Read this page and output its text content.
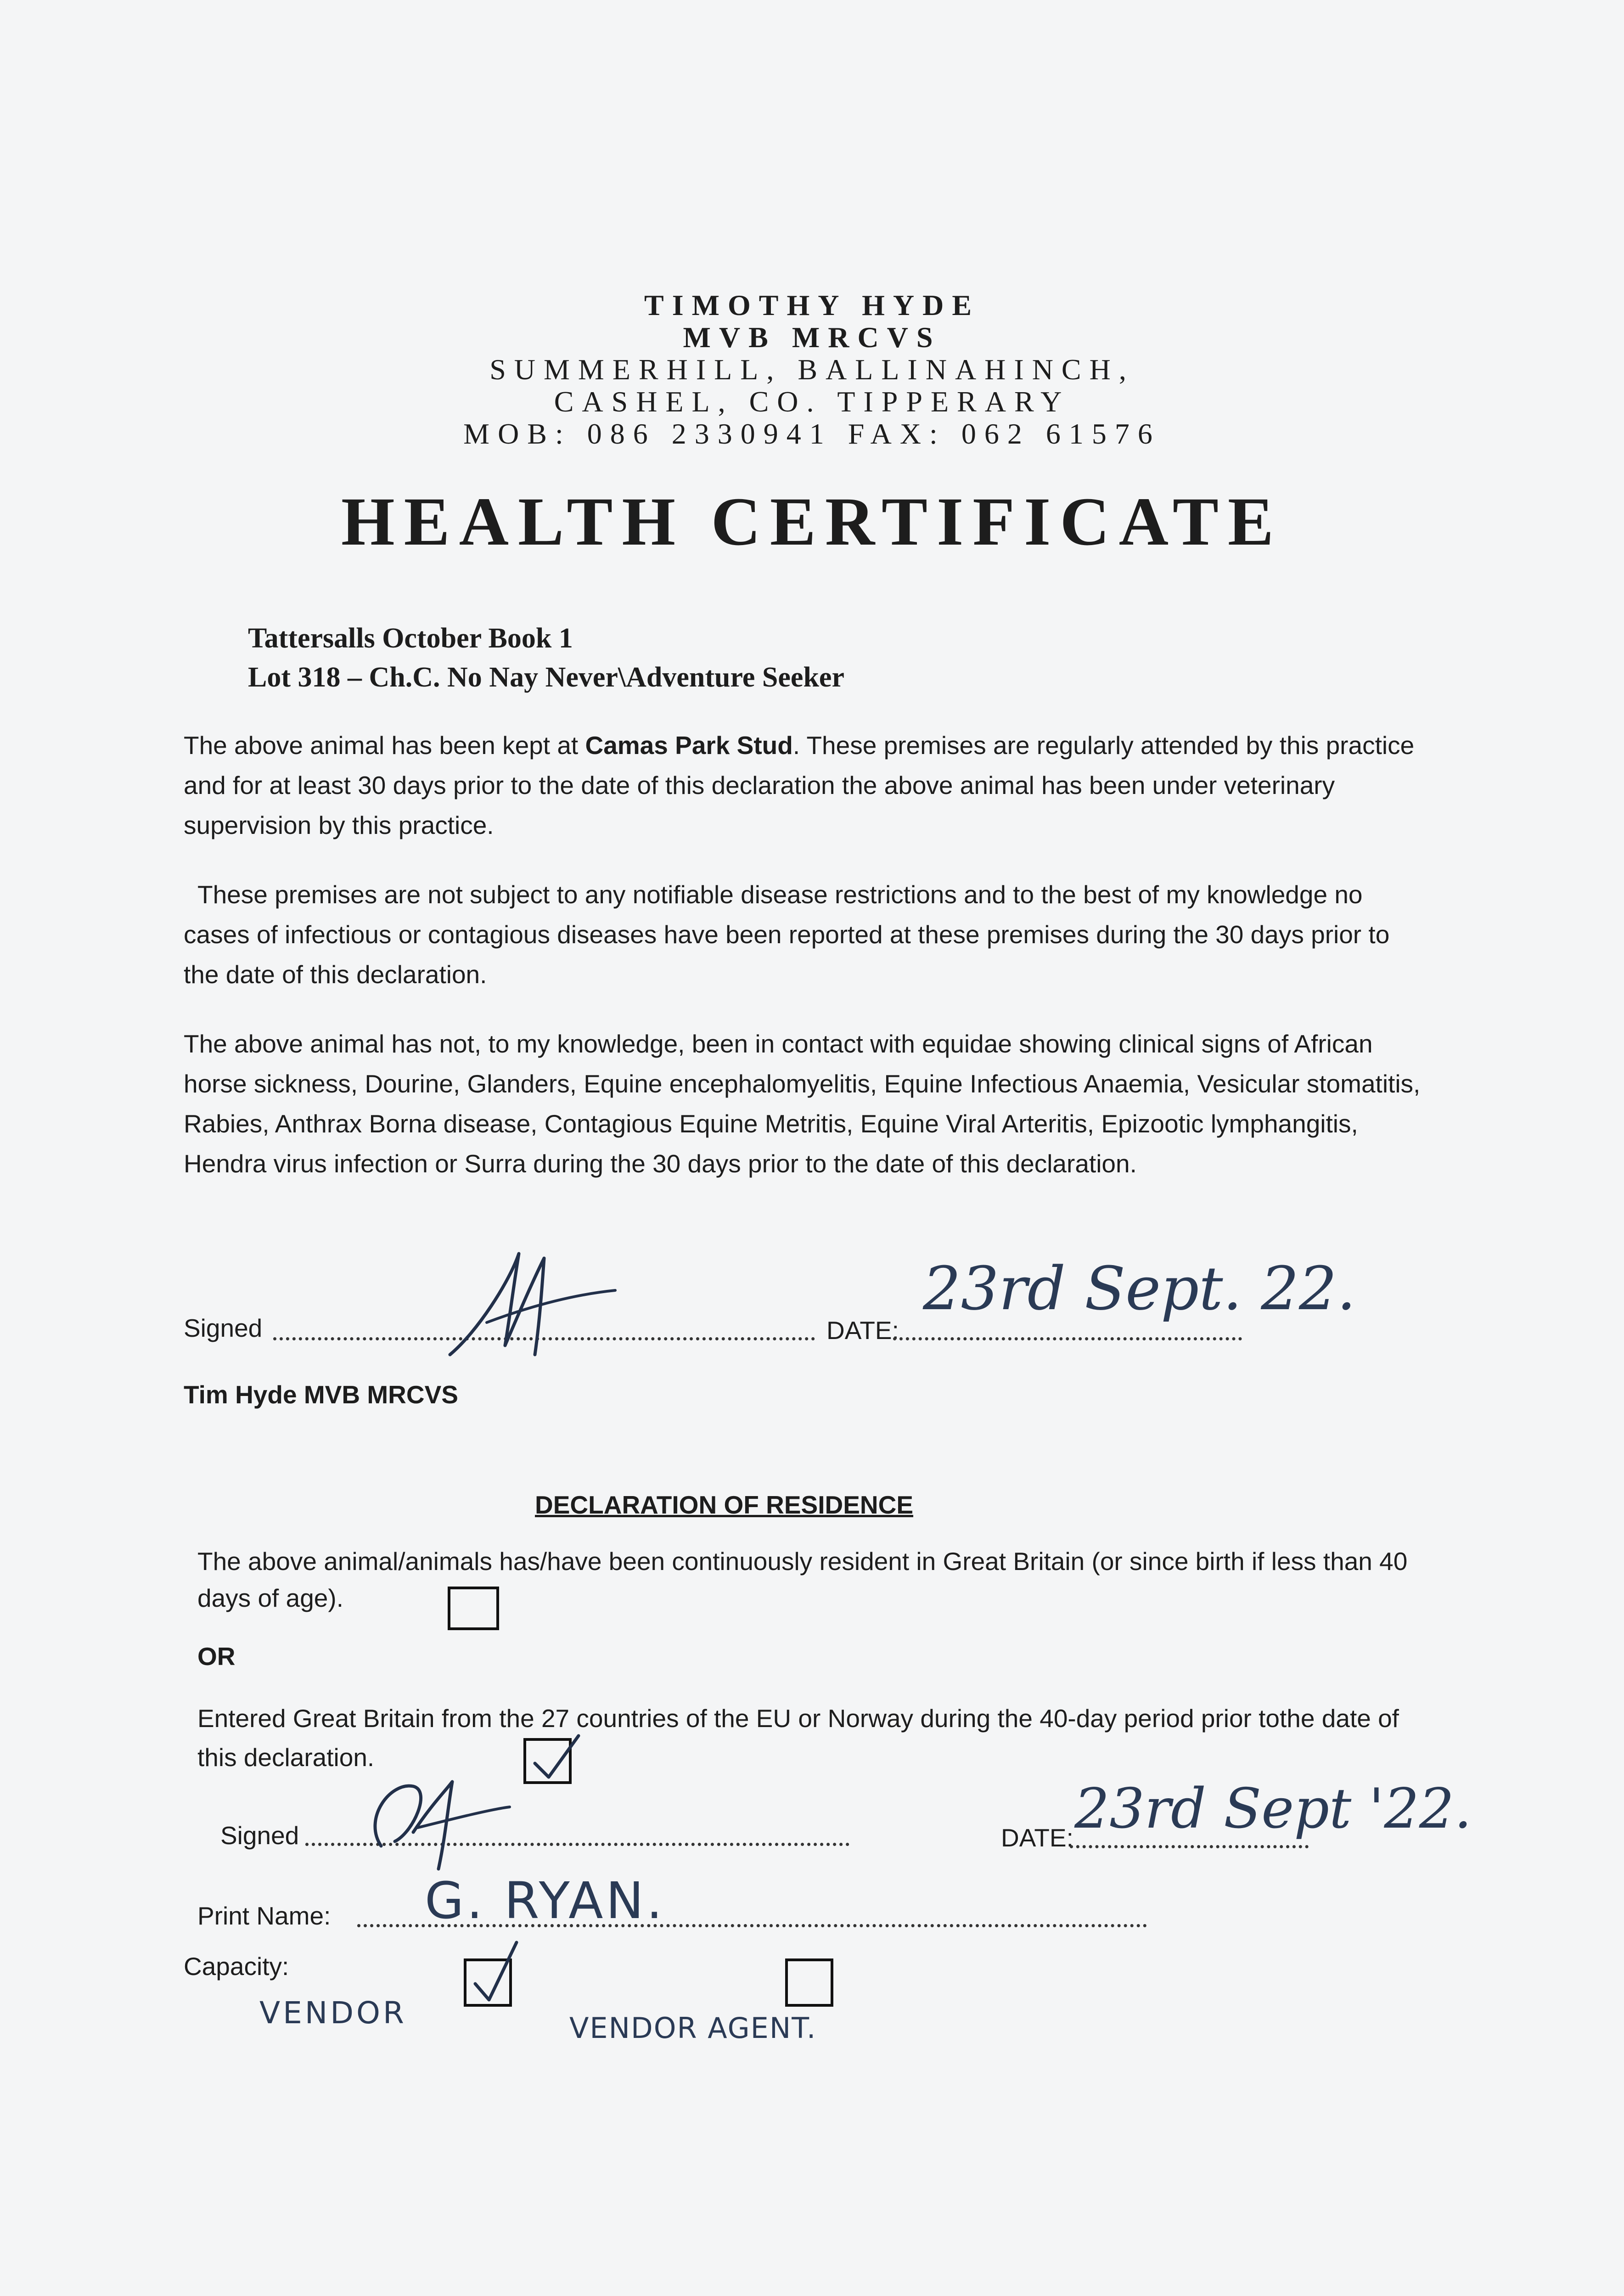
TIMOTHY HYDE
MVB MRCVS
SUMMERHILL, BALLINAHINCH,
CASHEL, CO. TIPPERARY
MOB: 086 2330941 FAX: 062 61576
HEALTH CERTIFICATE
Tattersalls October Book 1
Lot 318 – Ch.C. No Nay Never\Adventure Seeker
The above animal has been kept at Camas Park Stud. These premises are regularly attended by this practice and for at least 30 days prior to the date of this declaration the above animal has been under veterinary supervision by this practice.
These premises are not subject to any notifiable disease restrictions and to the best of my knowledge no cases of infectious or contagious diseases have been reported at these premises during the 30 days prior to the date of this declaration.
The above animal has not, to my knowledge, been in contact with equidae showing clinical signs of African horse sickness, Dourine, Glanders, Equine encephalomyelitis, Equine Infectious Anaemia, Vesicular stomatitis, Rabies, Anthrax Borna disease, Contagious Equine Metritis, Equine Viral Arteritis, Epizootic lymphangitis, Hendra virus infection or Surra during the 30 days prior to the date of this declaration.
Signed	DATE:
23rd Sept. 22.
Tim Hyde MVB MRCVS
DECLARATION OF RESIDENCE
The above animal/animals has/have been continuously resident in Great Britain (or since birth if less than 40 days of age).
OR
Entered Great Britain from the 27 countries of the EU or Norway during the 40-day period prior tothe date of this declaration.
Signed	DATE: 23rd Sept '22.
Print Name: G. RYAN.
Capacity:
VENDOR	VENDOR AGENT.
